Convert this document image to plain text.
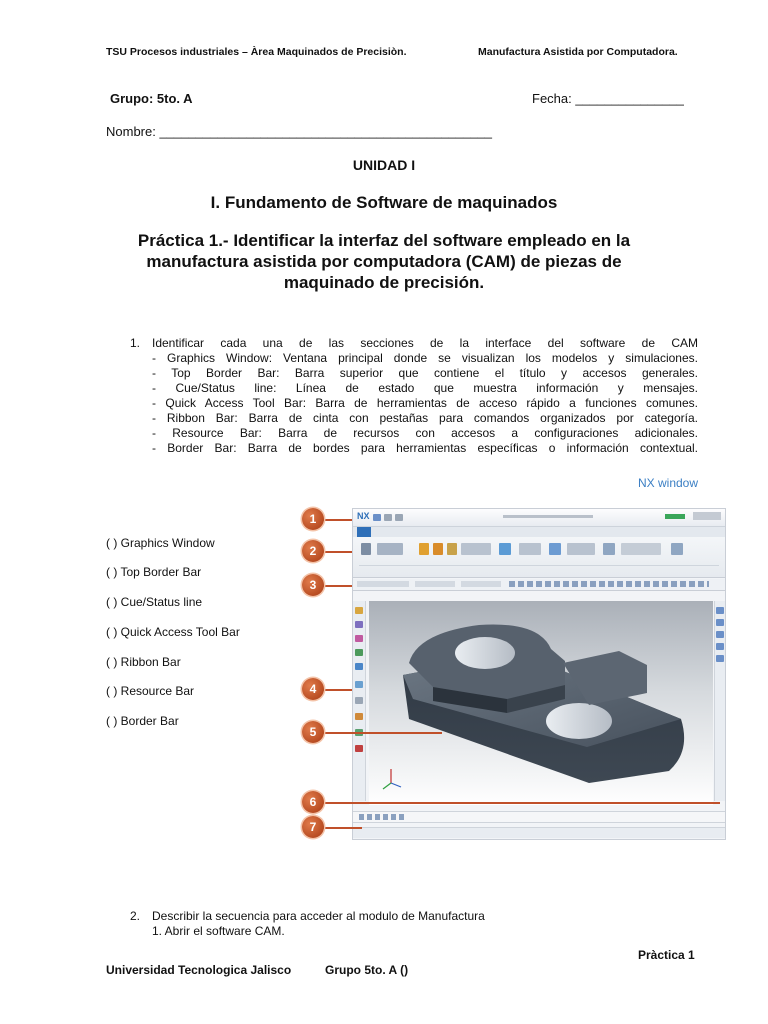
TSU Procesos industriales – Àrea Maquinados de Precisiòn.	Manufactura Asistida por Computadora.
Grupo: 5to. A	Fecha: _______________
Nombre: ______________________________________________
UNIDAD I
I. Fundamento de Software de maquinados
Práctica 1.- Identificar la interfaz del software empleado en la
manufactura asistida por computadora (CAM) de piezas de
maquinado de precisión.
1. Identificar cada una de las secciones de la interface del software de CAM
- Graphics Window: Ventana principal donde se visualizan los modelos y simulaciones.
- Top Border Bar: Barra superior que contiene el título y accesos generales.
- Cue/Status line: Línea de estado que muestra información y mensajes.
- Quick Access Tool Bar: Barra de herramientas de acceso rápido a funciones comunes.
- Ribbon Bar: Barra de cinta con pestañas para comandos organizados por categoría.
- Resource Bar: Barra de recursos con accesos a configuraciones adicionales.
- Border Bar: Barra de bordes para herramientas específicas o información contextual.
NX window
( ) Graphics Window
( ) Top Border Bar
( ) Cue/Status line
( ) Quick Access Tool Bar
( ) Ribbon Bar
( ) Resource Bar
( ) Border Bar
NX
1
2
3
4
5
6
7
2. Describir la secuencia para acceder al modulo de Manufactura
1. Abrir el software CAM.
Pràctica 1
Universidad Tecnologica Jalisco	Grupo 5to. A ()
